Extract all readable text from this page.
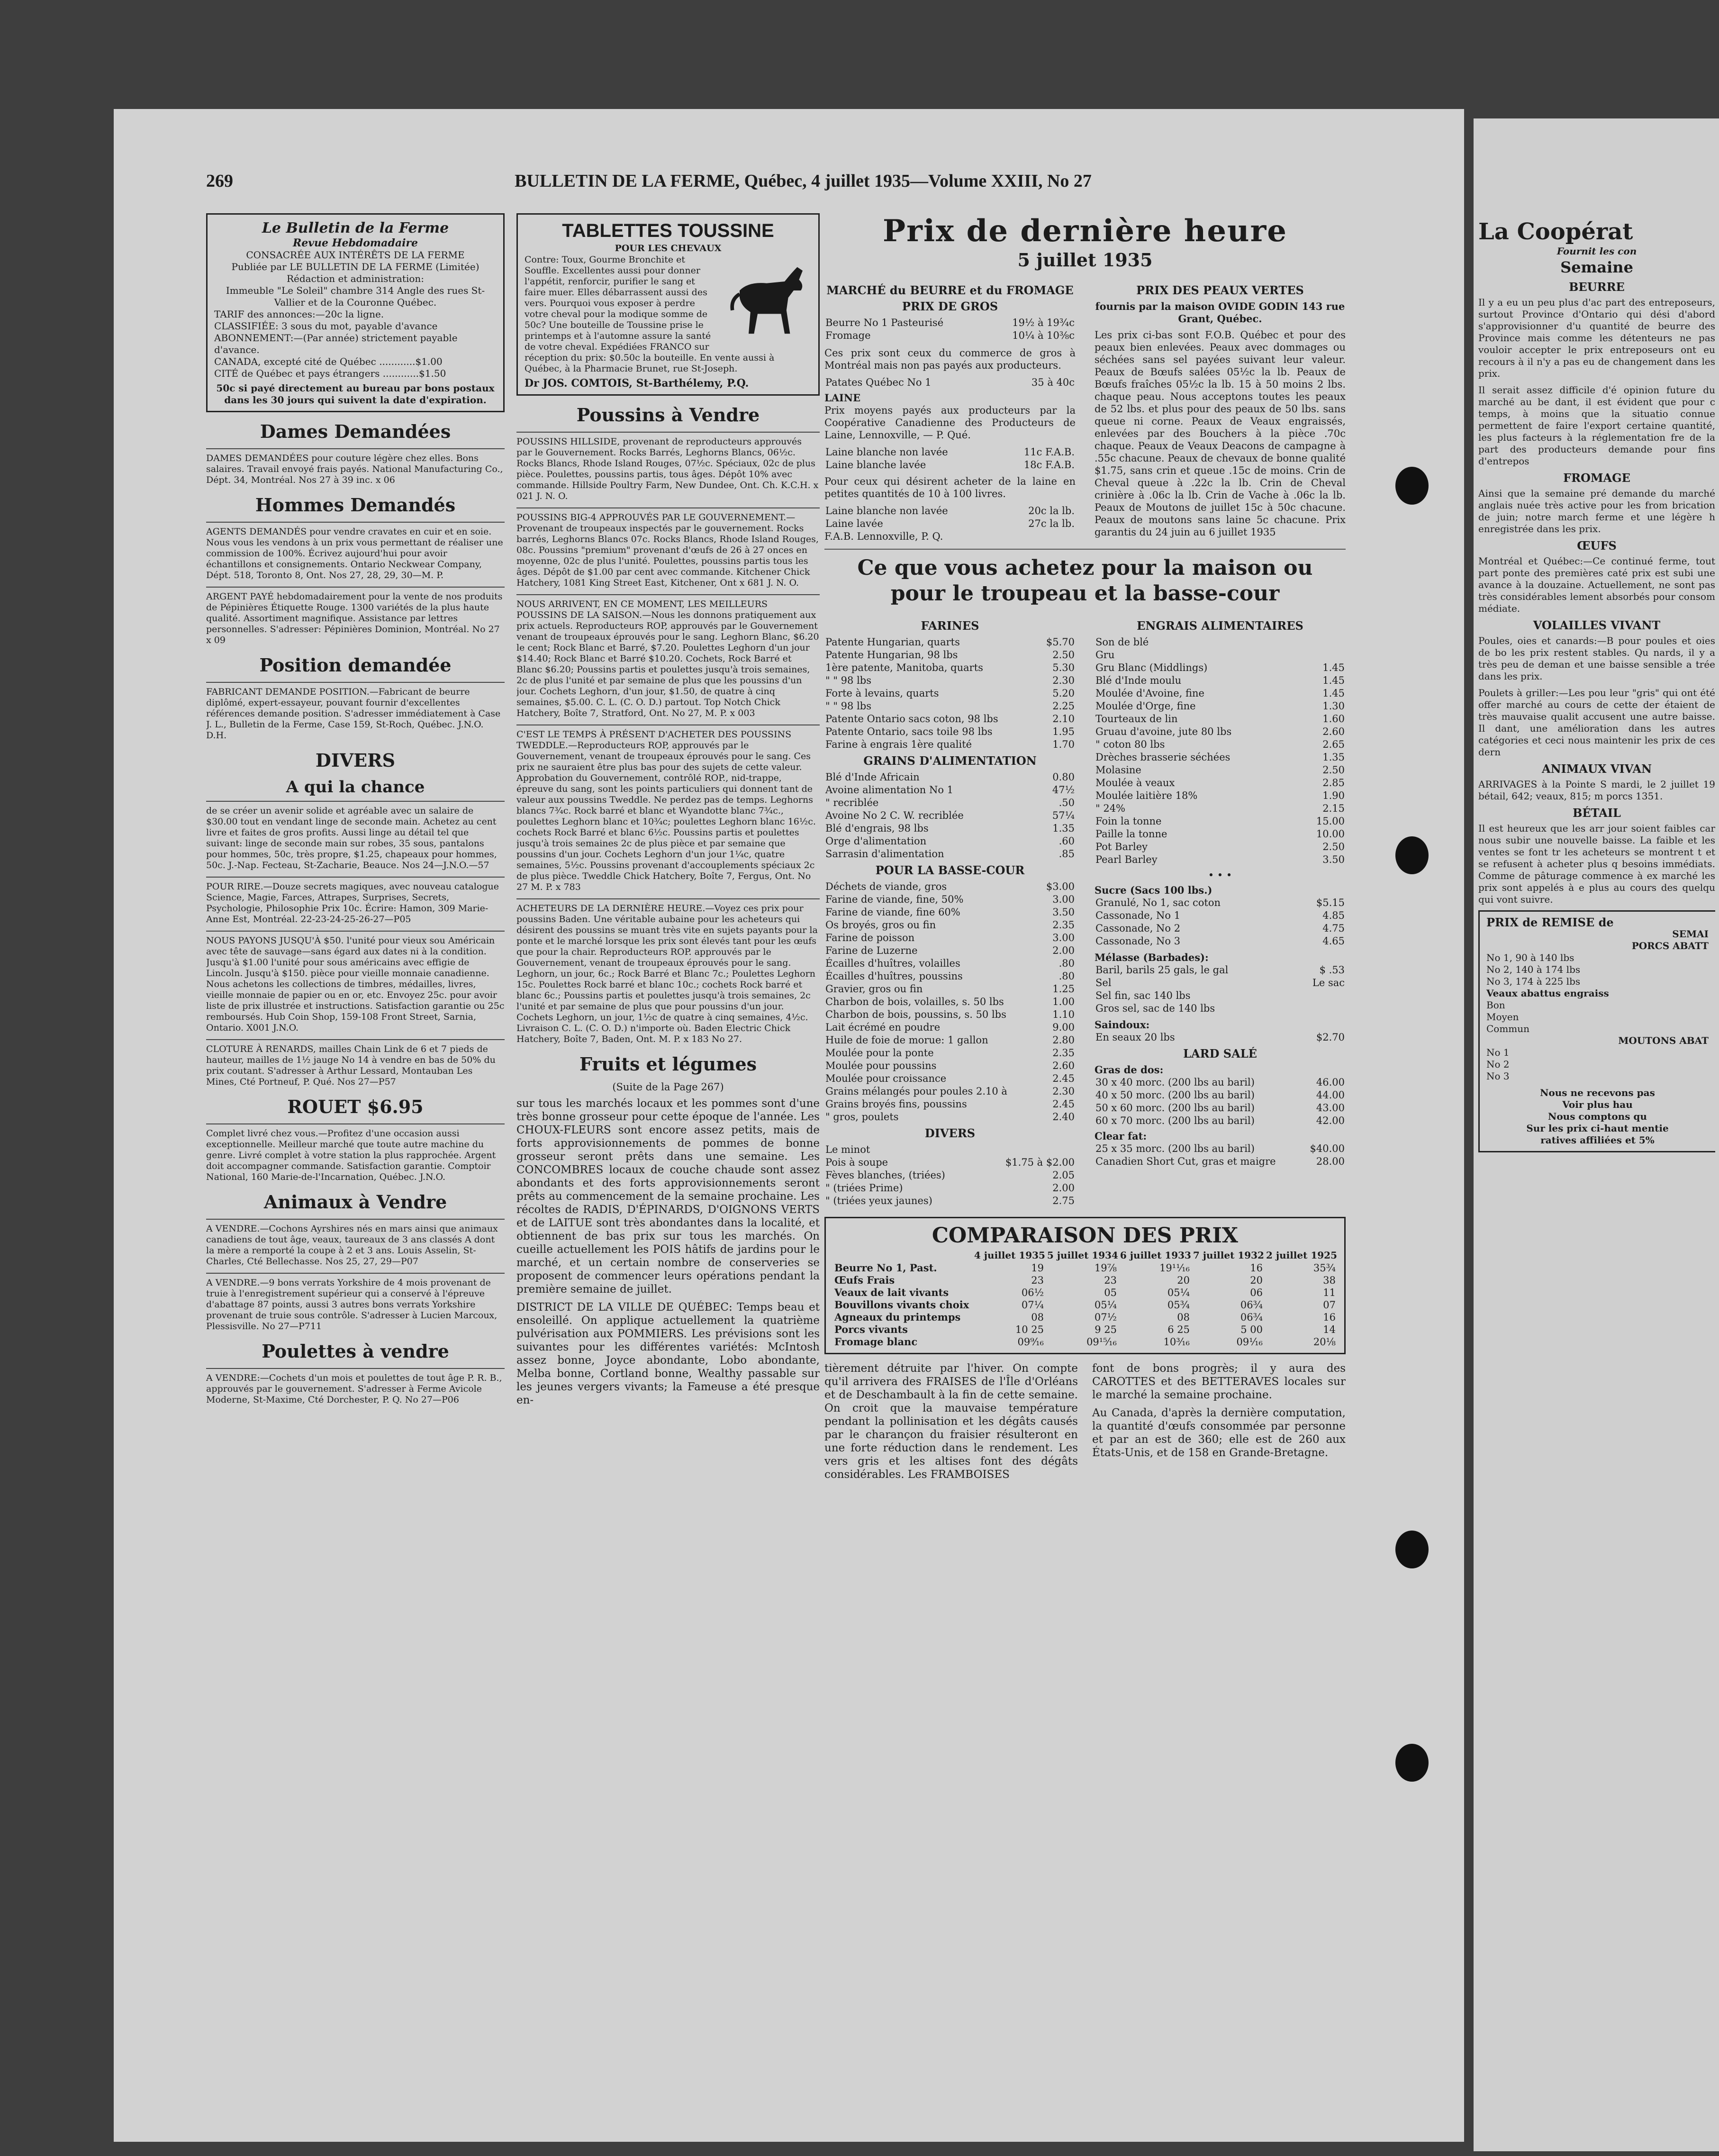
269	BULLETIN DE LA FERME, Québec, 4 juillet 1935—Volume XXIII, No 27
Le Bulletin de la Ferme
Revue Hebdomadaire
CONSACRÉE AUX INTÉRÊTS DE LA FERME
Publiée par LE BULLETIN DE LA FERME (Limitée) Rédaction et administration:
Immeuble "Le Soleil" chambre 314 Angle des rues St-Vallier et de la Couronne Québec.
TARIF des annonces:—20c la ligne.
CLASSIFIÉE: 3 sous du mot, payable d'avance
ABONNEMENT:—(Par année) strictement payable d'avance.
CANADA, excepté cité de Québec ............$1.00
CITÉ de Québec et pays étrangers ............$1.50
50c si payé directement au bureau par bons postaux dans les 30 jours qui suivent la date d'expiration.
Dames Demandées
DAMES DEMANDÉES pour couture légère chez elles. Bons salaires. Travail envoyé frais payés. National Manufacturing Co., Dépt. 34, Montréal. Nos 27 à 39 inc. x 06
Hommes Demandés
AGENTS DEMANDÉS pour vendre cravates en cuir et en soie. Nous vous les vendons à un prix vous permettant de réaliser une commission de 100%. Écrivez aujourd'hui pour avoir échantillons et consignements. Ontario Neckwear Company, Dépt. 518, Toronto 8, Ont. Nos 27, 28, 29, 30—M. P.
ARGENT PAYÉ hebdomadairement pour la vente de nos produits de Pépinières Étiquette Rouge. 1300 variétés de la plus haute qualité. Assortiment magnifique. Assistance par lettres personnelles. S'adresser: Pépinières Dominion, Montréal. No 27 x 09
Position demandée
FABRICANT DEMANDE POSITION.—Fabricant de beurre diplômé, expert-essayeur, pouvant fournir d'excellentes références demande position. S'adresser immédiatement à Case J. L., Bulletin de la Ferme, Case 159, St-Roch, Québec. J.N.O. D.H.
DIVERS
A qui la chance
de se créer un avenir solide et agréable avec un salaire de $30.00 tout en vendant linge de seconde main. Achetez au cent livre et faites de gros profits. Aussi linge au détail tel que suivant: linge de seconde main sur robes, 35 sous, pantalons pour hommes, 50c, très propre, $1.25, chapeaux pour hommes, 50c. J.-Nap. Fecteau, St-Zacharie, Beauce. Nos 24—J.N.O.—57
POUR RIRE.—Douze secrets magiques, avec nouveau catalogue Science, Magie, Farces, Attrapes, Surprises, Secrets, Psychologie, Philosophie Prix 10c. Écrire: Hamon, 309 Marie-Anne Est, Montréal. 22-23-24-25-26-27—P05
NOUS PAYONS JUSQU'À $50. l'unité pour vieux sou Américain avec tête de sauvage—sans égard aux dates ni à la condition. Jusqu'à $1.00 l'unité pour sous américains avec effigie de Lincoln. Jusqu'à $150. pièce pour vieille monnaie canadienne. Nous achetons les collections de timbres, médailles, livres, vieille monnaie de papier ou en or, etc. Envoyez 25c. pour avoir liste de prix illustrée et instructions. Satisfaction garantie ou 25c remboursés. Hub Coin Shop, 159-108 Front Street, Sarnia, Ontario. X001 J.N.O.
CLOTURE À RENARDS, mailles Chain Link de 6 et 7 pieds de hauteur, mailles de 1½ jauge No 14 à vendre en bas de 50% du prix coutant. S'adresser à Arthur Lessard, Montauban Les Mines, Cté Portneuf, P. Qué. Nos 27—P57
ROUET $6.95
Complet livré chez vous.—Profitez d'une occasion aussi exceptionnelle. Meilleur marché que toute autre machine du genre. Livré complet à votre station la plus rapprochée. Argent doit accompagner commande. Satisfaction garantie. Comptoir National, 160 Marie-de-l'Incarnation, Québec. J.N.O.
Animaux à Vendre
A VENDRE.—Cochons Ayrshires nés en mars ainsi que animaux canadiens de tout âge, veaux, taureaux de 3 ans classés A dont la mère a remporté la coupe à 2 et 3 ans. Louis Asselin, St-Charles, Cté Bellechasse. Nos 25, 27, 29—P07
A VENDRE.—9 bons verrats Yorkshire de 4 mois provenant de truie à l'enregistrement supérieur qui a conservé à l'épreuve d'abattage 87 points, aussi 3 autres bons verrats Yorkshire provenant de truie sous contrôle. S'adresser à Lucien Marcoux, Plessisville. No 27—P711
Poulettes à vendre
A VENDRE:—Cochets d'un mois et poulettes de tout âge P. R. B., approuvés par le gouvernement. S'adresser à Ferme Avicole Moderne, St-Maxime, Cté Dorchester, P. Q. No 27—P06
TABLETTES TOUSSINE
POUR LES CHEVAUX
Contre: Toux, Gourme Bronchite et Souffle. Excellentes aussi pour donner l'appétit, renforcir, purifier le sang et faire muer. Elles débarrassent aussi des vers. Pourquoi vous exposer à perdre votre cheval pour la modique somme de 50c? Une bouteille de Toussine prise le printemps et à l'automne assure la santé de votre cheval. Expédiées FRANCO sur réception du prix: $0.50c la bouteille. En vente aussi à Québec, à la Pharmacie Brunet, rue St-Joseph.
Dr JOS. COMTOIS, St-Barthélemy, P.Q.
Poussins à Vendre
POUSSINS HILLSIDE, provenant de reproducteurs approuvés par le Gouvernement. Rocks Barrés, Leghorns Blancs, 06½c. Rocks Blancs, Rhode Island Rouges, 07½c. Spéciaux, 02c de plus pièce. Poulettes, poussins partis, tous âges. Dépôt 10% avec commande. Hillside Poultry Farm, New Dundee, Ont. Ch. K.C.H. x 021 J. N. O.
POUSSINS BIG-4 APPROUVÉS PAR LE GOUVERNEMENT.—Provenant de troupeaux inspectés par le gouvernement. Rocks barrés, Leghorns Blancs 07c. Rocks Blancs, Rhode Island Rouges, 08c. Poussins "premium" provenant d'œufs de 26 à 27 onces en moyenne, 02c de plus l'unité. Poulettes, poussins partis tous les âges. Dépôt de $1.00 par cent avec commande. Kitchener Chick Hatchery, 1081 King Street East, Kitchener, Ont x 681 J. N. O.
NOUS ARRIVENT, EN CE MOMENT, LES MEILLEURS POUSSINS DE LA SAISON.—Nous les donnons pratiquement aux prix actuels. Reproducteurs ROP, approuvés par le Gouvernement venant de troupeaux éprouvés pour le sang. Leghorn Blanc, $6.20 le cent; Rock Blanc et Barré, $7.20. Poulettes Leghorn d'un jour $14.40; Rock Blanc et Barré $10.20. Cochets, Rock Barré et Blanc $6.20; Poussins partis et poulettes jusqu'à trois semaines, 2c de plus l'unité et par semaine de plus que les poussins d'un jour. Cochets Leghorn, d'un jour, $1.50, de quatre à cinq semaines, $5.00. C. L. (C. O. D.) partout. Top Notch Chick Hatchery, Boîte 7, Stratford, Ont. No 27, M. P. x 003
C'EST LE TEMPS À PRÉSENT D'ACHETER DES POUSSINS TWEDDLE.—Reproducteurs ROP, approuvés par le Gouvernement, venant de troupeaux éprouvés pour le sang. Ces prix ne sauraient être plus bas pour des sujets de cette valeur. Approbation du Gouvernement, contrôlé ROP., nid-trappe, épreuve du sang, sont les points particuliers qui donnent tant de valeur aux poussins Tweddle. Ne perdez pas de temps. Leghorns blancs 7¾c. Rock barré et blanc et Wyandotte blanc 7¾c., poulettes Leghorn blanc et 10¾c; poulettes Leghorn blanc 16½c. cochets Rock Barré et blanc 6½c. Poussins partis et poulettes jusqu'à trois semaines 2c de plus pièce et par semaine que poussins d'un jour. Cochets Leghorn d'un jour 1¼c, quatre semaines, 5½c. Poussins provenant d'accouplements spéciaux 2c de plus pièce. Tweddle Chick Hatchery, Boîte 7, Fergus, Ont. No 27 M. P. x 783
ACHETEURS DE LA DERNIÈRE HEURE.—Voyez ces prix pour poussins Baden. Une véritable aubaine pour les acheteurs qui désirent des poussins se muant très vite en sujets payants pour la ponte et le marché lorsque les prix sont élevés tant pour les œufs que pour la chair. Reproducteurs ROP. approuvés par le Gouvernement, venant de troupeaux éprouvés pour le sang. Leghorn, un jour, 6c.; Rock Barré et Blanc 7c.; Poulettes Leghorn 15c. Poulettes Rock barré et blanc 10c.; cochets Rock barré et blanc 6c.; Poussins partis et poulettes jusqu'à trois semaines, 2c l'unité et par semaine de plus que pour poussins d'un jour. Cochets Leghorn, un jour, 1½c de quatre à cinq semaines, 4½c. Livraison C. L. (C. O. D.) n'importe où. Baden Electric Chick Hatchery, Boîte 7, Baden, Ont. M. P. x 183 No 27.
Fruits et légumes
(Suite de la Page 267)

sur tous les marchés locaux et les pommes sont d'une très bonne grosseur pour cette époque de l'année. Les CHOUX-FLEURS sont encore assez petits, mais de forts approvisionnements de pommes de bonne grosseur seront prêts dans une semaine. Les CONCOMBRES locaux de couche chaude sont assez abondants et des forts approvisionnements seront prêts au commencement de la semaine prochaine. Les récoltes de RADIS, D'ÉPINARDS, D'OIGNONS VERTS et de LAITUE sont très abondantes dans la localité, et obtiennent de bas prix sur tous les marchés. On cueille actuellement les POIS hâtifs de jardins pour le marché, et un certain nombre de conserveries se proposent de commencer leurs opérations pendant la première semaine de juillet.

DISTRICT DE LA VILLE DE QUÉBEC: Temps beau et ensoleillé. On applique actuellement la quatrième pulvérisation aux POMMIERS. Les prévisions sont les suivantes pour les différentes variétés: McIntosh assez bonne, Joyce abondante, Lobo abondante, Melba bonne, Cortland bonne, Wealthy passable sur les jeunes vergers vivants; la Fameuse a été presque en-

Prix de dernière heure
5 juillet 1935
MARCHÉ du BEURRE et du FROMAGE
PRIX DE GROS
Beurre No 1 Pasteurisé	19½ à 19¾c
Fromage	10¼ à 10⅜c

Ces prix sont ceux du commerce de gros à Montréal mais non pas payés aux producteurs.

Patates Québec No 1	35 à 40c
LAINE

Prix moyens payés aux producteurs par la Coopérative Canadienne des Producteurs de Laine, Lennoxville, — P. Qué.

Laine blanche non lavée	11c F.A.B.
Laine blanche lavée	18c F.A.B.

Pour ceux qui désirent acheter de la laine en petites quantités de 10 à 100 livres.

Laine blanche non lavée	20c la lb.
Laine lavée	27c la lb.
F.A.B. Lennoxville, P. Q.
PRIX DES PEAUX VERTES
fournis par la maison OVIDE GODIN 143 rue Grant, Québec.

Les prix ci-bas sont F.O.B. Québec et pour des peaux bien enlevées. Peaux avec dommages ou séchées sans sel payées suivant leur valeur. Peaux de Bœufs salées 05½c la lb. Peaux de Bœufs fraîches 05½c la lb. 15 à 50 moins 2 lbs. chaque peau. Nous acceptons toutes les peaux de 52 lbs. et plus pour des peaux de 50 lbs. sans queue ni corne. Peaux de Veaux engraissés, enlevées par des Bouchers à la pièce .70c chaque. Peaux de Veaux Deacons de campagne à .55c chacune. Peaux de chevaux de bonne qualité $1.75, sans crin et queue .15c de moins. Crin de Cheval queue à .22c la lb. Crin de Cheval crinière à .06c la lb. Crin de Vache à .06c la lb. Peaux de Moutons de juillet 15c à 50c chacune. Peaux de moutons sans laine 5c chacune. Prix garantis du 24 juin au 6 juillet 1935

Ce que vous achetez pour la maison ou pour le troupeau et la basse-cour
FARINES
Patente Hungarian, quarts	$5.70
Patente Hungarian, 98 lbs	2.50
1ère patente, Manitoba, quarts	5.30
" " 98 lbs	2.30
Forte à levains, quarts	5.20
" " 98 lbs	2.25
Patente Ontario sacs coton, 98 lbs	2.10
Patente Ontario, sacs toile 98 lbs	1.95
Farine à engrais 1ère qualité	1.70
GRAINS D'ALIMENTATION
Blé d'Inde Africain	0.80
Avoine alimentation No 1	47½
" recriblée	.50
Avoine No 2 C. W. recriblée	57¼
Blé d'engrais, 98 lbs	1.35
Orge d'alimentation	.60
Sarrasin d'alimentation	.85
POUR LA BASSE-COUR
Déchets de viande, gros	$3.00
Farine de viande, fine, 50%	3.00
Farine de viande, fine 60%	3.50
Os broyés, gros ou fin	2.35
Farine de poisson	3.00
Farine de Luzerne	2.00
Écailles d'huîtres, volailles	.80
Écailles d'huîtres, poussins	.80
Gravier, gros ou fin	1.25
Charbon de bois, volailles, s. 50 lbs	1.00
Charbon de bois, poussins, s. 50 lbs	1.10
Lait écrémé en poudre	9.00
Huile de foie de morue: 1 gallon	2.80
Moulée pour la ponte	2.35
Moulée pour poussins	2.60
Moulée pour croissance	2.45
Grains mélangés pour poules 2.10 à	2.30
Grains broyés fins, poussins	2.45
" gros, poulets	2.40
DIVERS
Le minot	
Pois à soupe	$1.75 à $2.00
Fèves blanches, (triées)	2.05
" (triées Prime)	2.00
" (triées yeux jaunes)	2.75
ENGRAIS ALIMENTAIRES
Son de blé	
Gru	
Gru Blanc (Middlings)	1.45
Blé d'Inde moulu	1.45
Moulée d'Avoine, fine	1.45
Moulée d'Orge, fine	1.30
Tourteaux de lin	1.60
Gruau d'avoine, jute 80 lbs	2.60
" coton 80 lbs	2.65
Drèches brasserie séchées	1.35
Molasine	2.50
Moulée à veaux	2.85
Moulée laitière 18%	1.90
" 24%	2.15
Foin la tonne	15.00
Paille la tonne	10.00
Pot Barley	2.50
Pearl Barley	3.50
• • •
Sucre (Sacs 100 lbs.)
Granulé, No 1, sac coton	$5.15
Cassonade, No 1	4.85
Cassonade, No 2	4.75
Cassonade, No 3	4.65
Mélasse (Barbades):
Baril, barils 25 gals, le gal	$ .53
Sel	Le sac
Sel fin, sac 140 lbs	
Gros sel, sac de 140 lbs	
Saindoux:
En seaux 20 lbs	$2.70
LARD SALÉ
Gras de dos:
30 x 40 morc. (200 lbs au baril)	46.00
40 x 50 morc. (200 lbs au baril)	44.00
50 x 60 morc. (200 lbs au baril)	43.00
60 x 70 morc. (200 lbs au baril)	42.00
Clear fat:
25 x 35 morc. (200 lbs au baril)	$40.00
Canadien Short Cut, gras et maigre	28.00
COMPARAISON DES PRIX
	4 juillet 1935	5 juillet 1934	6 juillet 1933	7 juillet 1932	2 juillet 1925
Beurre No 1, Past.	19	19⅞	19¹¹⁄₁₆	16	35¾
Œufs Frais	23	23	20	20	38
Veaux de lait vivants	06½	05	05¼	06	11
Bouvillons vivants choix	07¼	05¼	05¾	06¾	07
Agneaux du printemps	08	07½	08	06¾	16
Porcs vivants	10 25	9 25	6 25	5 00	14
Fromage blanc	09⁹⁄₁₆	09¹⁵⁄₁₆	10³⁄₁₆	09¹⁄₁₆	20⅛

tièrement détruite par l'hiver. On compte qu'il arrivera des FRAISES de l'Île d'Orléans et de Deschambault à la fin de cette semaine. On croit que la mauvaise température pendant la pollinisation et les dégâts causés par le charançon du fraisier résulteront en une forte réduction dans le rendement. Les vers gris et les altises font des dégâts considérables. Les FRAMBOISES

font de bons progrès; il y aura des CAROTTES et des BETTERAVES locales sur le marché la semaine prochaine.

Au Canada, d'après la dernière computation, la quantité d'œufs consommée par personne et par an est de 360; elle est de 260 aux États-Unis, et de 158 en Grande-Bretagne.

La Coopérat
Fournit les con
Semaine
BEURRE

Il y a eu un peu plus d'ac part des entreposeurs, surtout Province d'Ontario qui dési d'abord s'approvisionner d'u quantité de beurre des Province mais comme les détenteurs ne pas vouloir accepter le prix entreposeurs ont eu recours à il n'y a pas eu de changement dans les prix.

Il serait assez difficile d'é opinion future du marché au be dant, il est évident que pour c temps, à moins que la situatio connue permettent de faire l'export certaine quantité, les plus facteurs à la réglementation fre de la part des producteurs demande pour fins d'entrepos

FROMAGE

Ainsi que la semaine pré demande du marché anglais nuée très active pour les from brication de juin; notre march ferme et une légère h enregistrée dans les prix.

ŒUFS

Montréal et Québec:—Ce continué ferme, tout part ponte des premières caté prix est subi une avance à la douzaine. Actuellement, ne sont pas très considérables lement absorbés pour consom médiate.

VOLAILLES VIVANT

Poules, oies et canards:—B pour poules et oies de bo les prix restent stables. Qu nards, il y a très peu de deman et une baisse sensible a trée dans les prix.

Poulets à griller:—Les pou leur "gris" qui ont été offer marché au cours de cette der étaient de très mauvaise qualit accusent une autre baisse. Il dant, une amélioration dans les autres catégories et ceci nous maintenir les prix de ces dern

ANIMAUX VIVAN

ARRIVAGES à la Pointe S mardi, le 2 juillet 19 bétail, 642; veaux, 815; m porcs 1351.

BÉTAIL

Il est heureux que les arr jour soient faibles car nous subir une nouvelle baisse. La faible et les ventes se font tr les acheteurs se montrent t et se refusent à acheter plus q besoins immédiats. Comme de pâturage commence à ex marché les prix sont appelés à e plus au cours des quelqu qui vont suivre.

PRIX de REMISE de
SEMAI
PORCS ABATT
No 1, 90 à 140 lbs
No 2, 140 à 174 lbs
No 3, 174 à 225 lbs
Veaux abattus engraiss
Bon
Moyen
Commun
MOUTONS ABAT
No 1
No 2
No 3
Nous ne recevons pas
Voir plus hau
Nous comptons qu
Sur les prix ci-haut mentie
ratives affiliées et 5%
